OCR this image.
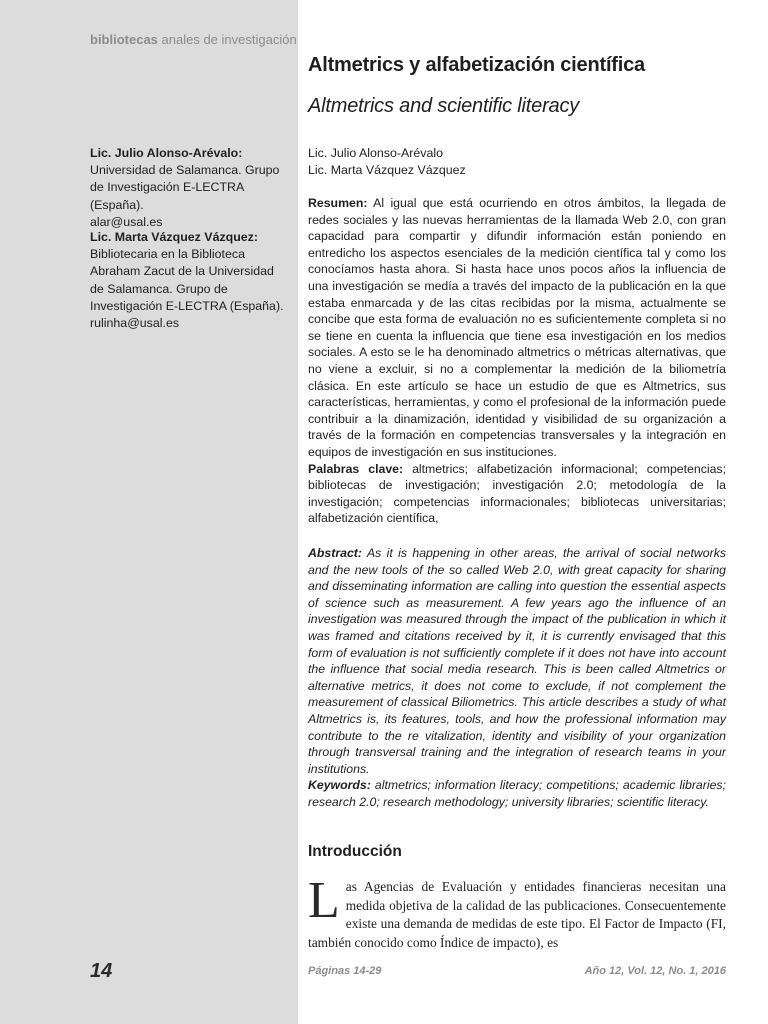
bibliotecas anales de investigación
Lic. Julio Alonso-Arévalo: Universidad de Salamanca. Grupo de Investigación E-LECTRA (España).
alar@usal.es
Lic. Marta Vázquez Vázquez: Bibliotecaria en la Biblioteca Abraham Zacut de la Universidad de Salamanca. Grupo de Investigación E-LECTRA (España).
rulinha@usal.es
Altmetrics y alfabetización científica
Altmetrics and scientific literacy
Lic. Julio Alonso-Arévalo
Lic. Marta Vázquez Vázquez

Resumen: Al igual que está ocurriendo en otros ámbitos, la llegada de redes sociales y las nuevas herramientas de la llamada Web 2.0, con gran capacidad para compartir y difundir información están poniendo en entredicho los aspectos esenciales de la medición científica tal y como los conocíamos hasta ahora. Si hasta hace unos pocos años la influencia de una investigación se medía a través del impacto de la publicación en la que estaba enmarcada y de las citas recibidas por la misma, actualmente se concibe que esta forma de evaluación no es suficientemente completa si no se tiene en cuenta la influencia que tiene esa investigación en los medios sociales. A esto se le ha denominado altmetrics o métricas alternativas, que no viene a excluir, si no a complementar la medición de la biliometría clásica. En este artículo se hace un estudio de que es Altmetrics, sus características, herramientas, y como el profesional de la información puede contribuir a la dinamización, identidad y visibilidad de su organización a través de la formación en competencias transversales y la integración en equipos de investigación en sus instituciones.

Palabras clave: altmetrics; alfabetización informacional; competencias; bibliotecas de investigación; investigación 2.0; metodología de la investigación; competencias informacionales; bibliotecas universitarias; alfabetización científica,

Abstract: As it is happening in other areas, the arrival of social networks and the new tools of the so called Web 2.0, with great capacity for sharing and disseminating information are calling into question the essential aspects of science such as measurement. A few years ago the influence of an investigation was measured through the impact of the publication in which it was framed and citations received by it, it is currently envisaged that this form of evaluation is not sufficiently complete if it does not have into account the influence that social media research. This is been called Altmetrics or alternative metrics, it does not come to exclude, if not complement the measurement of classical Biliometrics. This article describes a study of what Altmetrics is, its features, tools, and how the professional information may contribute to the re vitalization, identity and visibility of your organization through transversal training and the integration of research teams in your institutions.

Keywords: altmetrics; information literacy; competitions; academic libraries; research 2.0; research methodology; university libraries; scientific literacy.

Introducción
Las Agencias de Evaluación y entidades financieras necesitan una medida objetiva de la calidad de las publicaciones. Consecuentemente existe una demanda de medidas de este tipo. El Factor de Impacto (FI, también conocido como Índice de impacto), es
14	Páginas 14-29	Año 12, Vol. 12, No. 1, 2016
